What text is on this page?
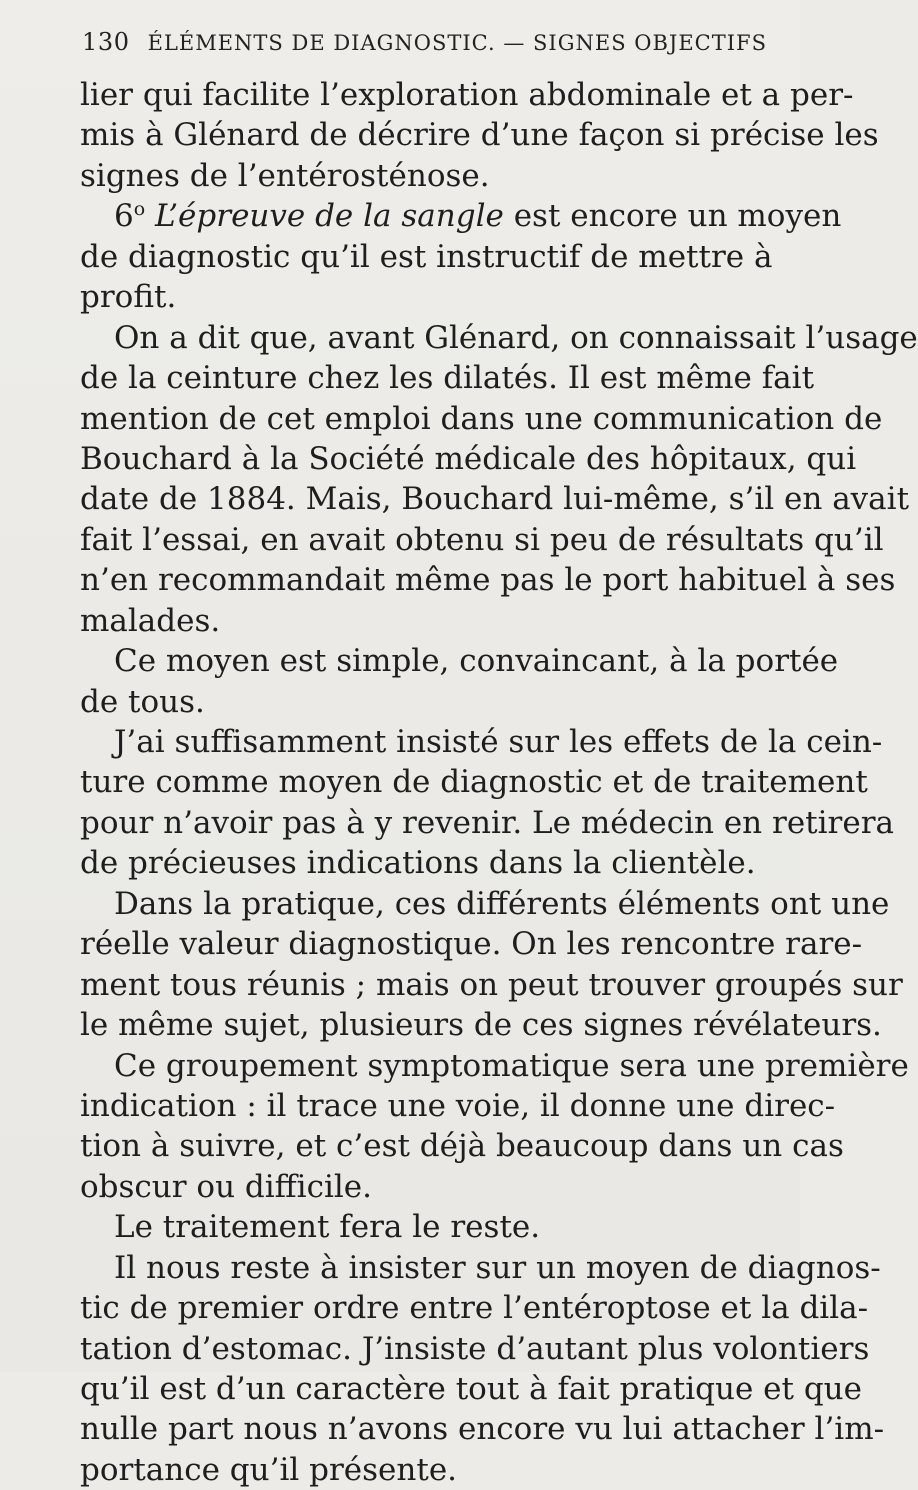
130 ÉLÉMENTS DE DIAGNOSTIC. — SIGNES OBJECTIFS
lier qui facilite l’exploration abdominale et a per-
mis à Glénard de décrire d’une façon si précise les
signes de l’entérosténose.
6$^o$ L’épreuve de la sangle est encore un moyen
de diagnostic qu’il est instructif de mettre à
profit.
On a dit que, avant Glénard, on connaissait l’usage
de la ceinture chez les dilatés. Il est même fait
mention de cet emploi dans une communication de
Bouchard à la Société médicale des hôpitaux, qui
date de 1884. Mais, Bouchard lui-même, s’il en avait
fait l’essai, en avait obtenu si peu de résultats qu’il
n’en recommandait même pas le port habituel à ses
malades.
Ce moyen est simple, convaincant, à la portée
de tous.
J’ai suffisamment insisté sur les effets de la cein-
ture comme moyen de diagnostic et de traitement
pour n’avoir pas à y revenir. Le médecin en retirera
de précieuses indications dans la clientèle.
Dans la pratique, ces différents éléments ont une
réelle valeur diagnostique. On les rencontre rare-
ment tous réunis ; mais on peut trouver groupés sur
le même sujet, plusieurs de ces signes révélateurs.
Ce groupement symptomatique sera une première
indication : il trace une voie, il donne une direc-
tion à suivre, et c’est déjà beaucoup dans un cas
obscur ou difficile.
Le traitement fera le reste.
Il nous reste à insister sur un moyen de diagnos-
tic de premier ordre entre l’entéroptose et la dila-
tation d’estomac. J’insiste d’autant plus volontiers
qu’il est d’un caractère tout à fait pratique et que
nulle part nous n’avons encore vu lui attacher l’im-
portance qu’il présente.
